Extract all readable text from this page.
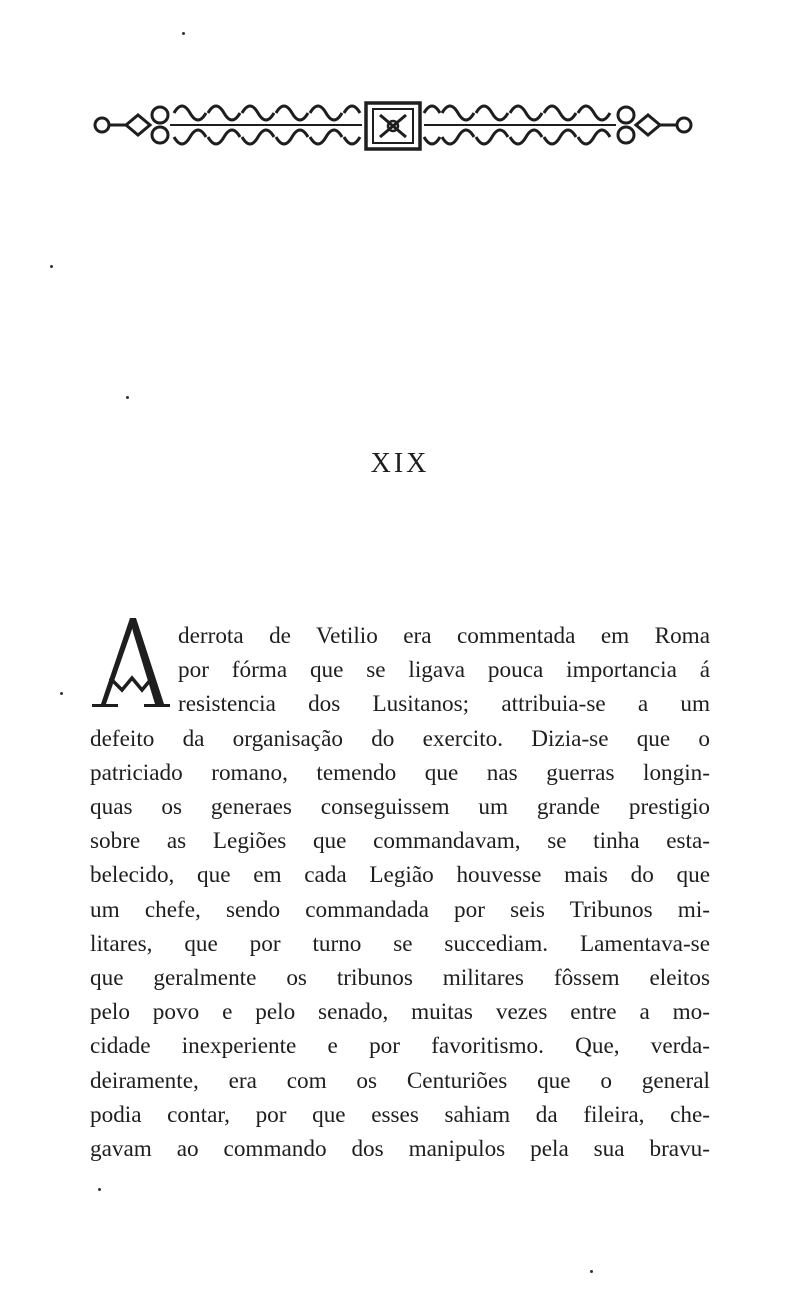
XIX
derrota de Vetilio era commentada em Roma
por fórma que se ligava pouca importancia á
resistencia dos Lusitanos; attribuia-se a um
defeito da organisação do exercito. Dizia-se que o
patriciado romano, temendo que nas guerras longin-
quas os generaes conseguissem um grande prestigio
sobre as Legiões que commandavam, se tinha esta-
belecido, que em cada Legião houvesse mais do que
um chefe, sendo commandada por seis Tribunos mi-
litares, que por turno se succediam. Lamentava-se
que geralmente os tribunos militares fôssem eleitos
pelo povo e pelo senado, muitas vezes entre a mo-
cidade inexperiente e por favoritismo. Que, verda-
deiramente, era com os Centuriões que o general
podia contar, por que esses sahiam da fileira, che-
gavam ao commando dos manipulos pela sua bravu-
